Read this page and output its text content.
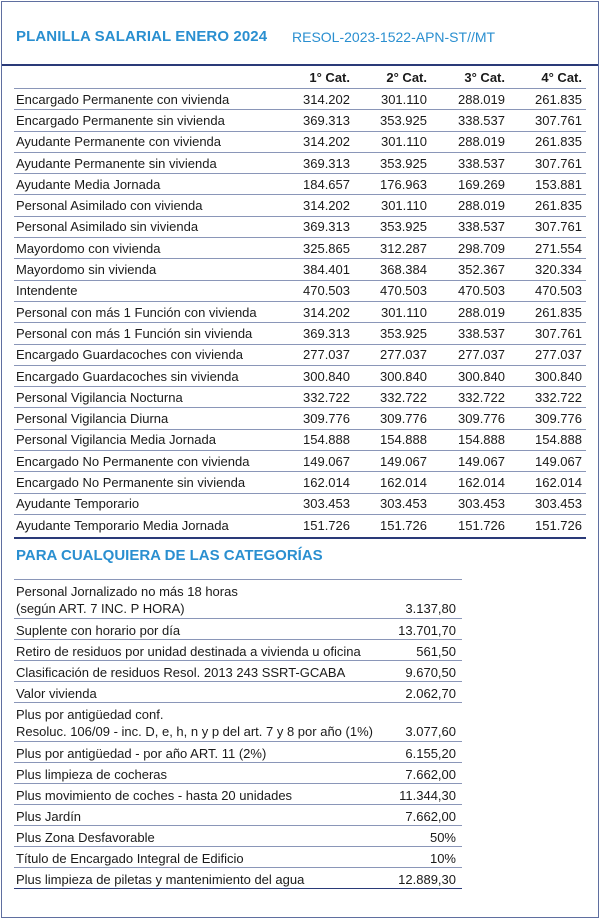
PLANILLA SALARIAL ENERO 2024 RESOL-2023-1522-APN-ST//MT
	1° Cat.	2° Cat.	3° Cat.	4° Cat.
Encargado Permanente con vivienda	314.202	301.110	288.019	261.835
Encargado Permanente sin vivienda	369.313	353.925	338.537	307.761
Ayudante Permanente con vivienda	314.202	301.110	288.019	261.835
Ayudante Permanente sin vivienda	369.313	353.925	338.537	307.761
Ayudante Media Jornada	184.657	176.963	169.269	153.881
Personal Asimilado con vivienda	314.202	301.110	288.019	261.835
Personal Asimilado sin vivienda	369.313	353.925	338.537	307.761
Mayordomo con vivienda	325.865	312.287	298.709	271.554
Mayordomo sin vivienda	384.401	368.384	352.367	320.334
Intendente	470.503	470.503	470.503	470.503
Personal con más 1 Función con vivienda	314.202	301.110	288.019	261.835
Personal con más 1 Función sin vivienda	369.313	353.925	338.537	307.761
Encargado Guardacoches con vivienda	277.037	277.037	277.037	277.037
Encargado Guardacoches sin vivienda	300.840	300.840	300.840	300.840
Personal Vigilancia Nocturna	332.722	332.722	332.722	332.722
Personal Vigilancia Diurna	309.776	309.776	309.776	309.776
Personal Vigilancia Media Jornada	154.888	154.888	154.888	154.888
Encargado No Permanente con vivienda	149.067	149.067	149.067	149.067
Encargado No Permanente sin vivienda	162.014	162.014	162.014	162.014
Ayudante Temporario	303.453	303.453	303.453	303.453
Ayudante Temporario Media Jornada	151.726	151.726	151.726	151.726
PARA CUALQUIERA DE LAS CATEGORÍAS
Personal Jornalizado no más 18 horas
(según ART. 7 INC. P HORA)	3.137,80

Suplente con horario por día	13.701,70

Retiro de residuos por unidad destinada a vivienda u oficina	561,50

Clasificación de residuos Resol. 2013 243 SSRT-GCABA	9.670,50

Valor vivienda	2.062,70

Plus por antigüedad conf.
Resoluc. 106/09 - inc. D, e, h, n y p del art. 7 y 8 por año (1%)	3.077,60

Plus por antigüedad - por año ART. 11 (2%)	6.155,20

Plus limpieza de cocheras	7.662,00

Plus movimiento de coches - hasta 20 unidades	11.344,30

Plus Jardín	7.662,00

Plus Zona Desfavorable	50%

Título de Encargado Integral de Edificio	10%

Plus limpieza de piletas y mantenimiento del agua	12.889,30
